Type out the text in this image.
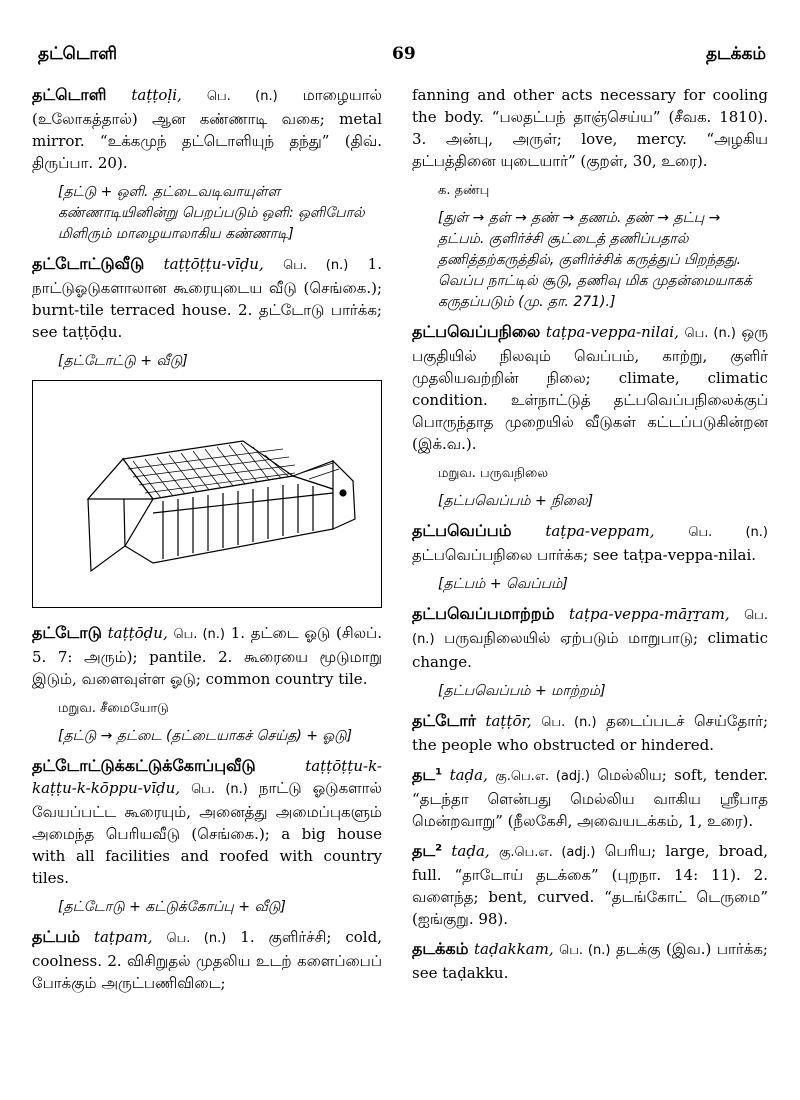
தட்டொளி	69	தடக்கம்
தட்டொளி taṭṭoḷi, பெ. (n.) மாழையால் (உலோகத்தால்) ஆன கண்ணாடி வகை; metal mirror. “உக்கமுந் தட்டொளியுந் தந்து” (திவ். திருப்பா. 20).
[தட்டு + ஒளி. தட்டைவடிவாயுள்ள கண்ணாடியினின்று பெறப்படும் ஒளி: ஒளிபோல் மிளிரும் மாழையாலாகிய கண்ணாடி]
தட்டோட்டுவீடு taṭṭōṭṭu-vīḍu, பெ. (n.) 1. நாட்டுஓடுகளாலான கூரையுடைய வீடு (செங்கை.); burnt-tile terraced house. 2. தட்டோடு பார்க்க; see taṭṭōḍu.
[தட்டோட்டு + வீடு]
தட்டோடு taṭṭōḍu, பெ. (n.) 1. தட்டை ஓடு (சிலப். 5. 7: அரும்); pantile. 2. கூரையை மூடுமாறு இடும், வளைவுள்ள ஓடு; common country tile.
மறுவ. சீமையோடு
[தட்டு → தட்டை (தட்டையாகச் செய்த) + ஓடு]
தட்டோட்டுக்கட்டுக்கோப்புவீடு	taṭṭōṭṭu-k-kaṭṭu-k-kōppu-vīḍu, பெ. (n.) நாட்டு ஓடுகளால் வேயப்பட்ட கூரையும், அனைத்து அமைப்புகளும் அமைந்த பெரியவீடு (செங்கை.); a big house with all facilities and roofed with country tiles.
[தட்டோடு + கட்டுக்கோப்பு + வீடு]
தட்பம் taṭpam, பெ. (n.) 1. குளிர்ச்சி; cold, coolness. 2. விசிறுதல் முதலிய உடற் களைப்பைப் போக்கும் அருட்பணிவிடை;
fanning and other acts necessary for cooling the body. “பலதட்பந் தாஞ்செய்ய” (சீவக. 1810). 3. அன்பு, அருள்; love, mercy. “அழகிய தட்பத்தினை யுடையார்” (குறள், 30, உரை).
க. தண்பு
[துள் → தள் → தண் → தணம். தண் → தட்பு → தட்பம். குளிர்ச்சி சூட்டைத் தணிப்பதால் தணித்தற்கருத்தில், குளிர்ச்சிக் கருத்துப் பிறந்தது. வெப்ப நாட்டில் சூடு, தணிவு மிக முதன்மையாகக் கருதப்படும் (மு. தா. 271).]
தட்பவெப்பநிலை taṭpa-veppa-nilai, பெ. (n.) ஒரு பகுதியில் நிலவும் வெப்பம், காற்று, குளிர் முதலியவற்றின் நிலை; climate, climatic condition. உள்நாட்டுத் தட்பவெப்பநிலைக்குப் பொருந்தாத முறையில் வீடுகள் கட்டப்படுகின்றன (இக்.வ.).
மறுவ. பருவநிலை
[தட்பவெப்பம் + நிலை]
தட்பவெப்பம் taṭpa-veppam,	பெ. (n.) தட்பவெப்பநிலை பார்க்க; see taṭpa-veppa-nilai.
[தட்பம் + வெப்பம்]
தட்பவெப்பமாற்றம் taṭpa-veppa-māṟṟam, பெ. (n.) பருவநிலையில் ஏற்படும் மாறுபாடு; climatic change.
[தட்பவெப்பம் + மாற்றம்]
தட்டோர் taṭṭōr, பெ. (n.) தடைப்படச் செய்தோர்; the people who obstructed or hindered.
தட¹ taḍa, கு.பெ.எ. (adj.) மெல்லிய; soft, tender. “தடந்தா ளென்பது மெல்லிய வாகிய ஸ்ரீபாத மென்றவாறு” (நீலகேசி, அவையடக்கம், 1, உரை).
தட² taḍa, கு.பெ.எ. (adj.) பெரிய; large, broad, full. “தாடோய் தடக்கை” (புறநா. 14: 11). 2. வளைந்த; bent, curved. “தடங்கோட் டெருமை” (ஐங்குறு. 98).
தடக்கம் taḍakkam, பெ. (n.) தடக்கு (இவ.) பார்க்க; see taḍakku.
